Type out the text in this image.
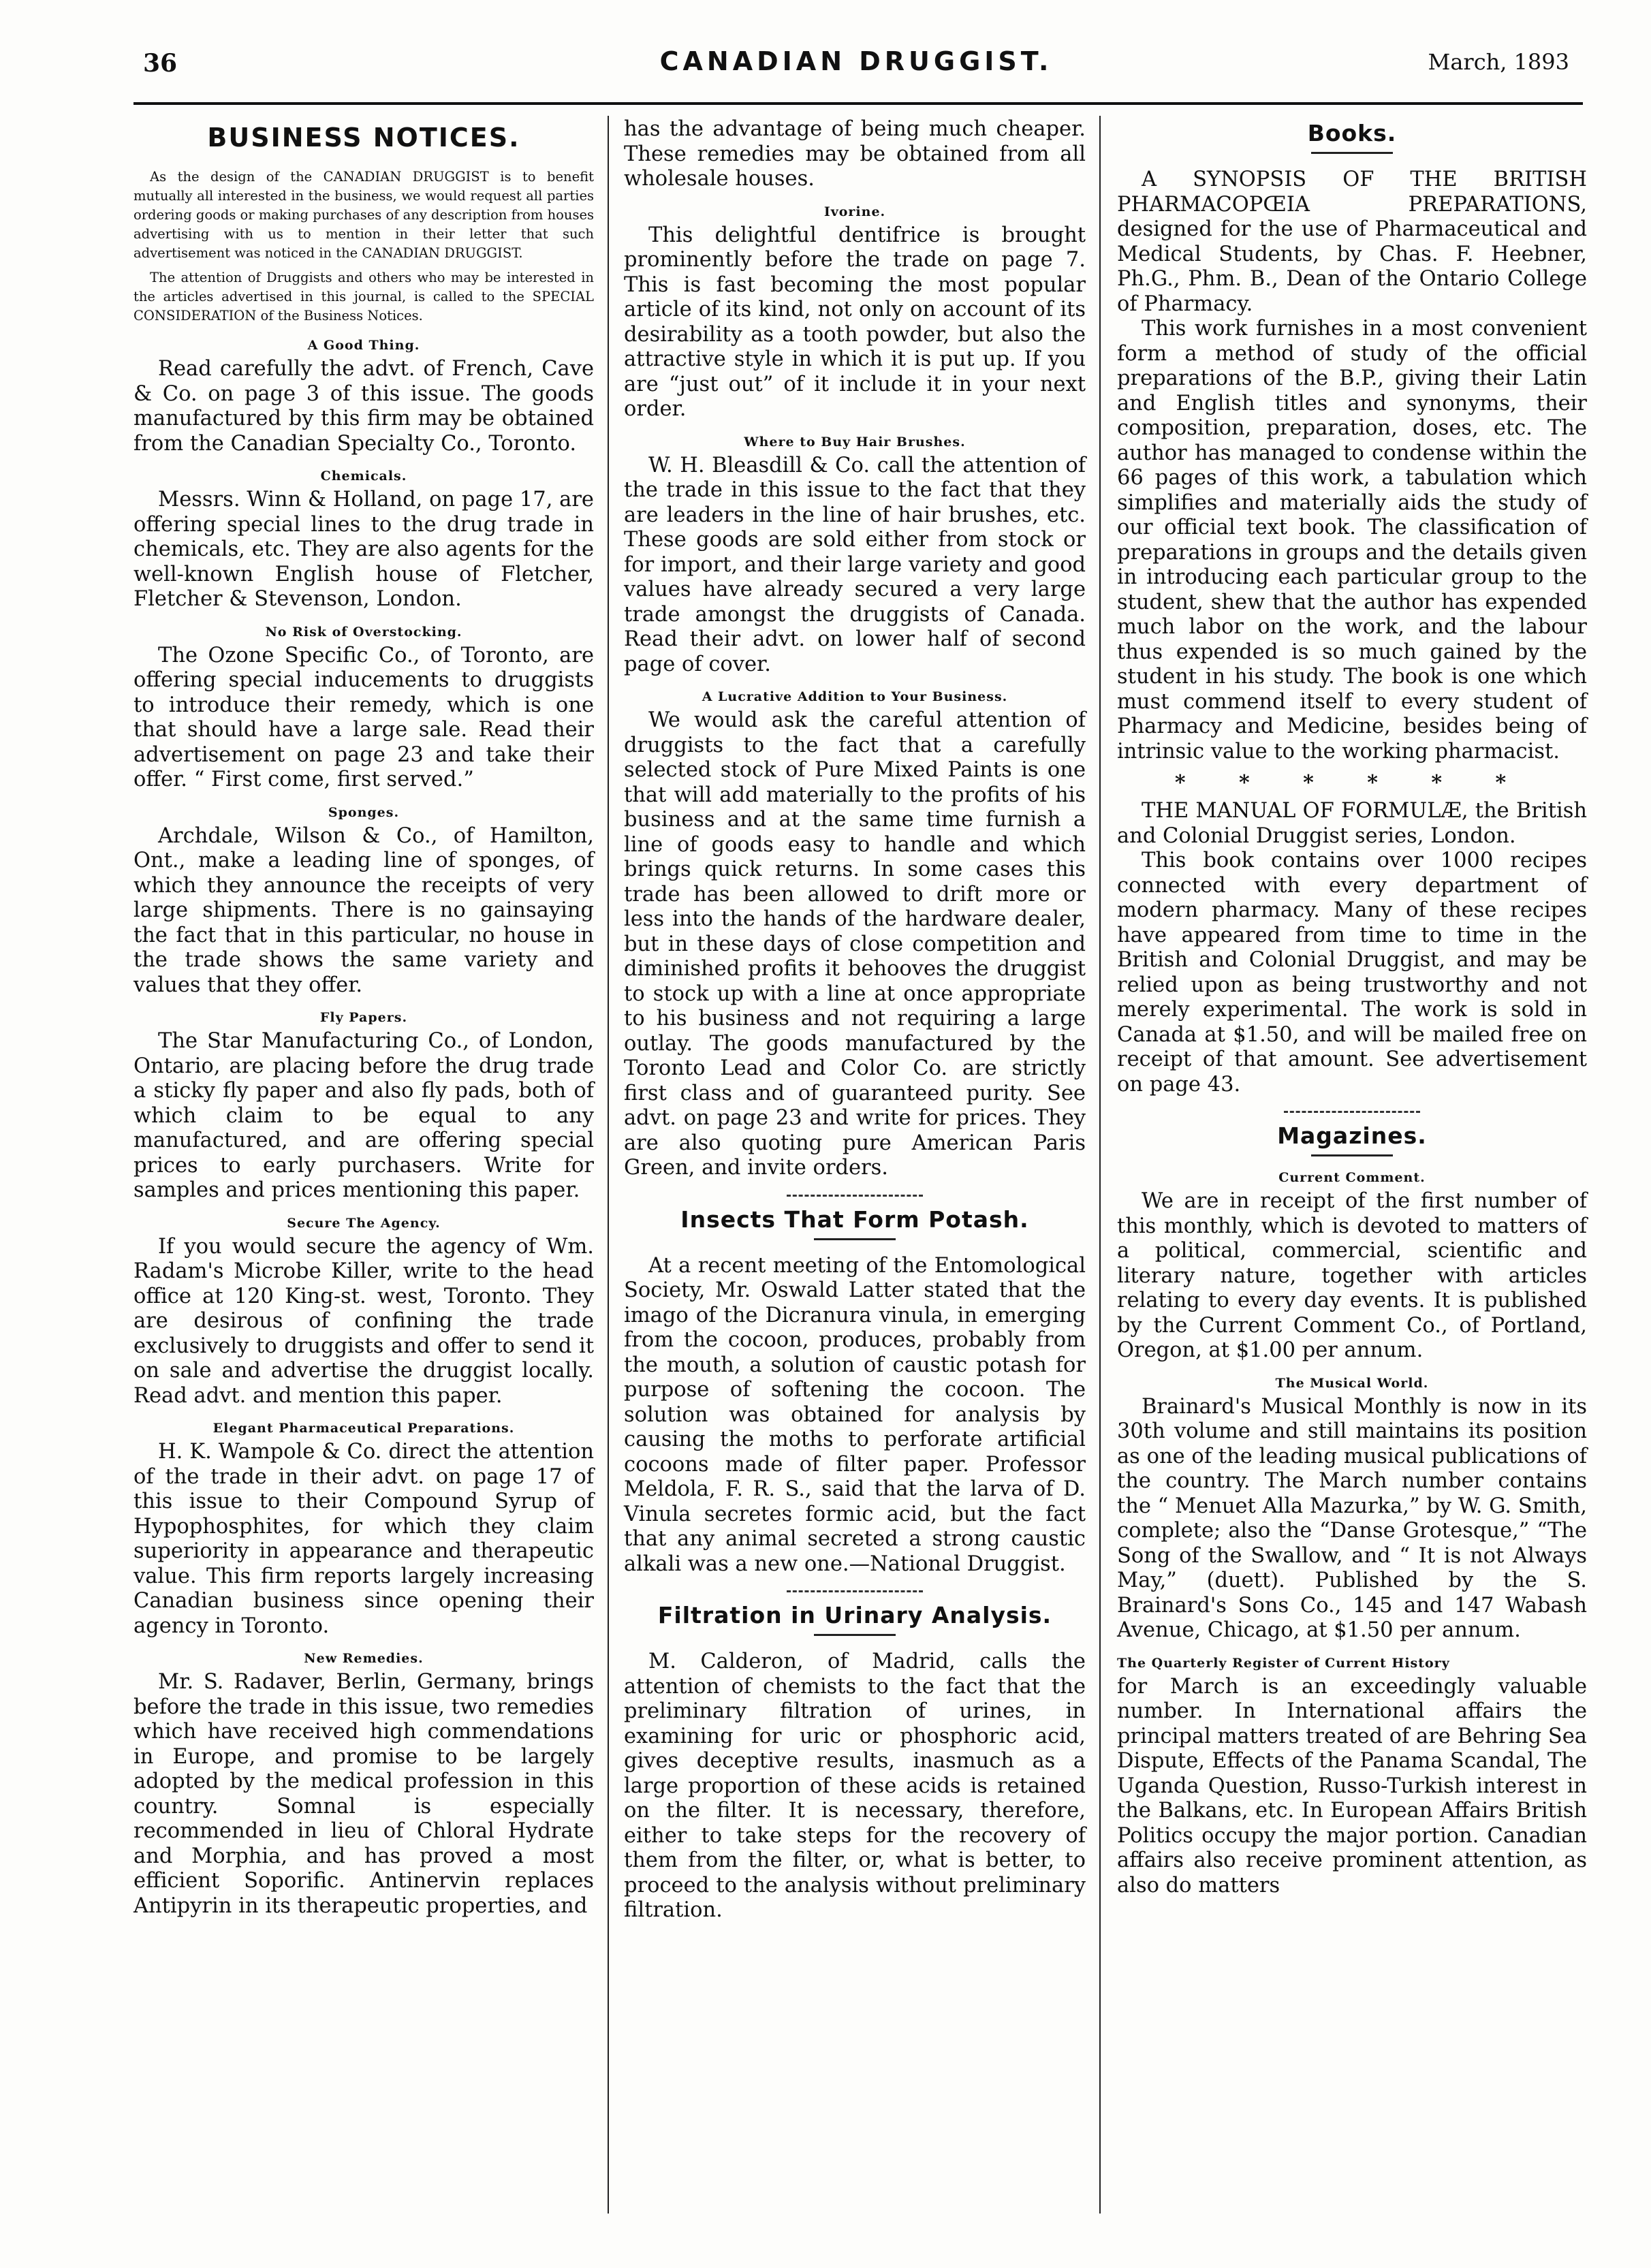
36	CANADIAN DRUGGIST.	March, 1893
BUSINESS NOTICES.

As the design of the CANADIAN DRUGGIST is to benefit mutually all interested in the business, we would request all parties ordering goods or making purchases of any description from houses advertising with us to mention in their letter that such advertisement was noticed in the CANADIAN DRUGGIST.

The attention of Druggists and others who may be interested in the articles advertised in this journal, is called to the SPECIAL CONSIDERATION of the Business Notices.

A Good Thing.

Read carefully the advt. of French, Cave & Co. on page 3 of this issue. The goods manufactured by this firm may be obtained from the Canadian Specialty Co., Toronto.

Chemicals.

Messrs. Winn & Holland, on page 17, are offering special lines to the drug trade in chemicals, etc. They are also agents for the well-known English house of Fletcher, Fletcher & Stevenson, London.

No Risk of Overstocking.

The Ozone Specific Co., of Toronto, are offering special inducements to druggists to introduce their remedy, which is one that should have a large sale. Read their advertisement on page 23 and take their offer. “ First come, first served.”

Sponges.

Archdale, Wilson & Co., of Hamilton, Ont., make a leading line of sponges, of which they announce the receipts of very large shipments. There is no gainsaying the fact that in this particular, no house in the trade shows the same variety and values that they offer.

Fly Papers.

The Star Manufacturing Co., of London, Ontario, are placing before the drug trade a sticky fly paper and also fly pads, both of which claim to be equal to any manufactured, and are offering special prices to early purchasers. Write for samples and prices mentioning this paper.

Secure The Agency.

If you would secure the agency of Wm. Radam's Microbe Killer, write to the head office at 120 King-st. west, Toronto. They are desirous of confining the trade exclusively to druggists and offer to send it on sale and advertise the druggist locally. Read advt. and mention this paper.

Elegant Pharmaceutical Preparations.

H. K. Wampole & Co. direct the attention of the trade in their advt. on page 17 of this issue to their Compound Syrup of Hypophosphites, for which they claim superiority in appearance and therapeutic value. This firm reports largely increasing Canadian business since opening their agency in Toronto.

New Remedies.

Mr. S. Radaver, Berlin, Germany, brings before the trade in this issue, two remedies which have received high commendations in Europe, and promise to be largely adopted by the medical profession in this country. Somnal is especially recommended in lieu of Chloral Hydrate and Morphia, and has proved a most efficient Soporific. Antinervin replaces Antipyrin in its therapeutic properties, and

has the advantage of being much cheaper. These remedies may be obtained from all wholesale houses.

Ivorine.

This delightful dentifrice is brought prominently before the trade on page 7. This is fast becoming the most popular article of its kind, not only on account of its desirability as a tooth powder, but also the attractive style in which it is put up. If you are “just out” of it include it in your next order.

Where to Buy Hair Brushes.

W. H. Bleasdill & Co. call the attention of the trade in this issue to the fact that they are leaders in the line of hair brushes, etc. These goods are sold either from stock or for import, and their large variety and good values have already secured a very large trade amongst the druggists of Canada. Read their advt. on lower half of second page of cover.

A Lucrative Addition to Your Business.

We would ask the careful attention of druggists to the fact that a carefully selected stock of Pure Mixed Paints is one that will add materially to the profits of his business and at the same time furnish a line of goods easy to handle and which brings quick returns. In some cases this trade has been allowed to drift more or less into the hands of the hardware dealer, but in these days of close competition and diminished profits it behooves the druggist to stock up with a line at once appropriate to his business and not requiring a large outlay. The goods manufactured by the Toronto Lead and Color Co. are strictly first class and of guaranteed purity. See advt. on page 23 and write for prices. They are also quoting pure American Paris Green, and invite orders.

Insects That Form Potash.

At a recent meeting of the Entomological Society, Mr. Oswald Latter stated that the imago of the Dicranura vinula, in emerging from the cocoon, produces, probably from the mouth, a solution of caustic potash for purpose of softening the cocoon. The solution was obtained for analysis by causing the moths to perforate artificial cocoons made of filter paper. Professor Meldola, F. R. S., said that the larva of D. Vinula secretes formic acid, but the fact that any animal secreted a strong caustic alkali was a new one.—National Druggist.

Filtration in Urinary Analysis.

M. Calderon, of Madrid, calls the attention of chemists to the fact that the preliminary filtration of urines, in examining for uric or phosphoric acid, gives deceptive results, inasmuch as a large proportion of these acids is retained on the filter. It is necessary, therefore, either to take steps for the recovery of them from the filter, or, what is better, to proceed to the analysis without preliminary filtration.

Books.

A SYNOPSIS OF THE BRITISH PHARMACOPŒIA PREPARATIONS, designed for the use of Pharmaceutical and Medical Students, by Chas. F. Heebner, Ph.G., Phm. B., Dean of the Ontario College of Pharmacy.

This work furnishes in a most convenient form a method of study of the official preparations of the B.P., giving their Latin and English titles and synonyms, their composition, preparation, doses, etc. The author has managed to condense within the 66 pages of this work, a tabulation which simplifies and materially aids the study of our official text book. The classification of preparations in groups and the details given in introducing each particular group to the student, shew that the author has expended much labor on the work, and the labour thus expended is so much gained by the student in his study. The book is one which must commend itself to every student of Pharmacy and Medicine, besides being of intrinsic value to the working pharmacist.

* * * * * *

THE MANUAL OF FORMULÆ, the British and Colonial Druggist series, London.

This book contains over 1000 recipes connected with every department of modern pharmacy. Many of these recipes have appeared from time to time in the British and Colonial Druggist, and may be relied upon as being trustworthy and not merely experimental. The work is sold in Canada at $1.50, and will be mailed free on receipt of that amount. See advertisement on page 43.

Magazines.
Current Comment.

We are in receipt of the first number of this monthly, which is devoted to matters of a political, commercial, scientific and literary nature, together with articles relating to every day events. It is published by the Current Comment Co., of Portland, Oregon, at $1.00 per annum.

The Musical World.

Brainard's Musical Monthly is now in its 30th volume and still maintains its position as one of the leading musical publications of the country. The March number contains the “ Menuet Alla Mazurka,” by W. G. Smith, complete; also the “Danse Grotesque,” “The Song of the Swallow, and “ It is not Always May,” (duett). Published by the S. Brainard's Sons Co., 145 and 147 Wabash Avenue, Chicago, at $1.50 per annum.

The Quarterly Register of Current History

for March is an exceedingly valuable number. In International affairs the principal matters treated of are Behring Sea Dispute, Effects of the Panama Scandal, The Uganda Question, Russo-Turkish interest in the Balkans, etc. In European Affairs British Politics occupy the major portion. Canadian affairs also receive prominent attention, as also do matters
